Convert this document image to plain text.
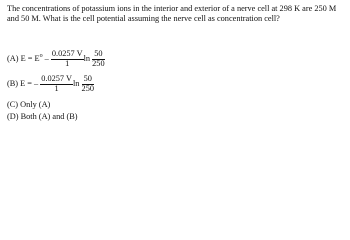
The concentrations of potassium ions in the interior and exterior of a nerve cell at 298 K are 250 M and 50 M. What is the cell potential assuming the nerve cell as concentration cell?
(A) $E = E^o - \frac{0.0257 V}{1}$ $\ln \frac{50}{250}$
(B) E = – $\frac{0.0257 V}{1}$ $\ln \frac{50}{250}$
(C) Only (A)
(D) Both (A) and (B)
